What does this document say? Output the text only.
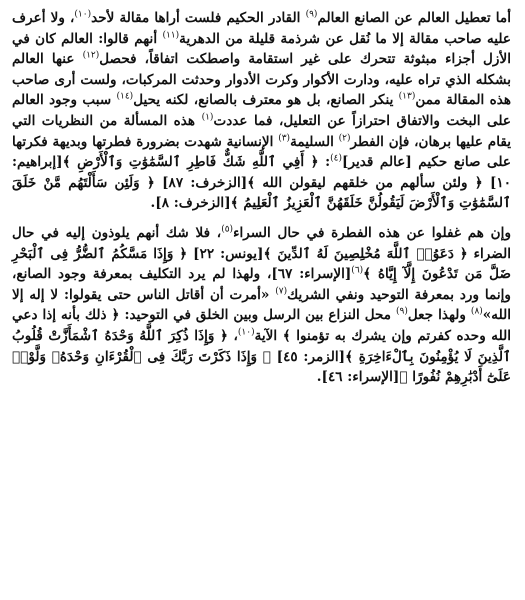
أما تعطيل العالم عن الصانع العالم$^{(٩)}$ القادر الحكيم فلست أراها مقالة لأحد$^{(١٠)}$، ولا أعرف عليه صاحب مقالة إلا ما نُقل عن شرذمة قليلة من الدهرية$^{(١١)}$ أنهم قالوا: العالم كان في الأزل أجزاء مبثوثة تتحرك على غير استقامة واصطكت اتفاقاً، فحصل$^{(١٢)}$ عنها العالم بشكله الذي تراه عليه، ودارت الأكوار وكرت الأدوار وحدثت المركبات، ولست أرى صاحب هذه المقالة ممن$^{(١٣)}$ ينكر الصانع، بل هو معترف بالصانع، لكنه يحيل$^{(١٤)}$ سبب وجود العالم على البخت والاتفاق احترازاً عن التعليل، فما عددت$^{(١)}$ هذه المسألة من النظريات التي يقام عليها برهان، فإن الفطر$^{(٢)}$ السليمة$^{(٣)}$ الإنسانية شهدت بضرورة فطرتها وبديهة فكرتها على صانع حكيم [عالم قدير]$^{(٤)}$: ﴿ أَفِي ٱللَّهِ شَكٌّ فَاطِرِ ٱلسَّمَٰوَٰتِ وَٱلْأَرْضِ ﴾[إبراهيم: ١٠] ﴿ ولئن سألهم من خلقهم ليقولن الله ﴾[الزخرف: ٨٧] ﴿ وَلَئِن سَأَلْتَهُم مَّنْ خَلَقَ ٱلسَّمَٰوَٰتِ وَٱلْأَرْضَ لَيَقُولُنَّ خَلَقَهُنَّ ٱلْعَزِيزُ ٱلْعَلِيمُ ﴾[الزخرف: ٨].

وإن هم غفلوا عن هذه الفطرة في حال السراء$^{(٥)}$، فلا شك أنهم يلوذون إليه في حال الضراء ﴿ دَعَوُا۟ ٱللَّهَ مُخْلِصِينَ لَهُ ٱلدِّينَ ﴾[يونس: ٢٢] ﴿ وَإِذَا مَسَّكُمُ ٱلضُّرُّ فِى ٱلْبَحْرِ ضَلَّ مَن تَدْعُونَ إِلَّآ إِيَّاهُ ﴾$^{(٦)}$[الإسراء: ٦٧]، ولهذا لم يرد التكليف بمعرفة وجود الصانع، وإنما ورد بمعرفة التوحيد ونفي الشريك$^{(٧)}$ «أمرت أن أقاتل الناس حتى يقولوا: لا إله إلا الله»$^{(٨)}$ ولهذا جعل$^{(٩)}$ محل النزاع بين الرسل وبين الخلق في التوحيد: ﴿ ذلك بأنه إذا دعي الله وحده كفرتم وإن يشرك به تؤمنوا ﴾ الآية$^{(١٠)}$، ﴿ وَإِذَا ذُكِرَ ٱللَّهُ وَحْدَهُ ٱشْمَأَزَّتْ قُلُوبُ ٱلَّذِينَ لَا يُؤْمِنُونَ بِٱلْءَاخِرَةِ ﴾[الزمر: ٤٥] ﴿ وَإِذَا ذَكَرْتَ رَبَّكَ فِى ٱلْقُرْءَانِ وَحْدَهُۥ وَلَّوْا۟ عَلَىٰٓ أَدْبَٰرِهِمْ نُفُورًا ﴾[الإسراء: ٤٦].
